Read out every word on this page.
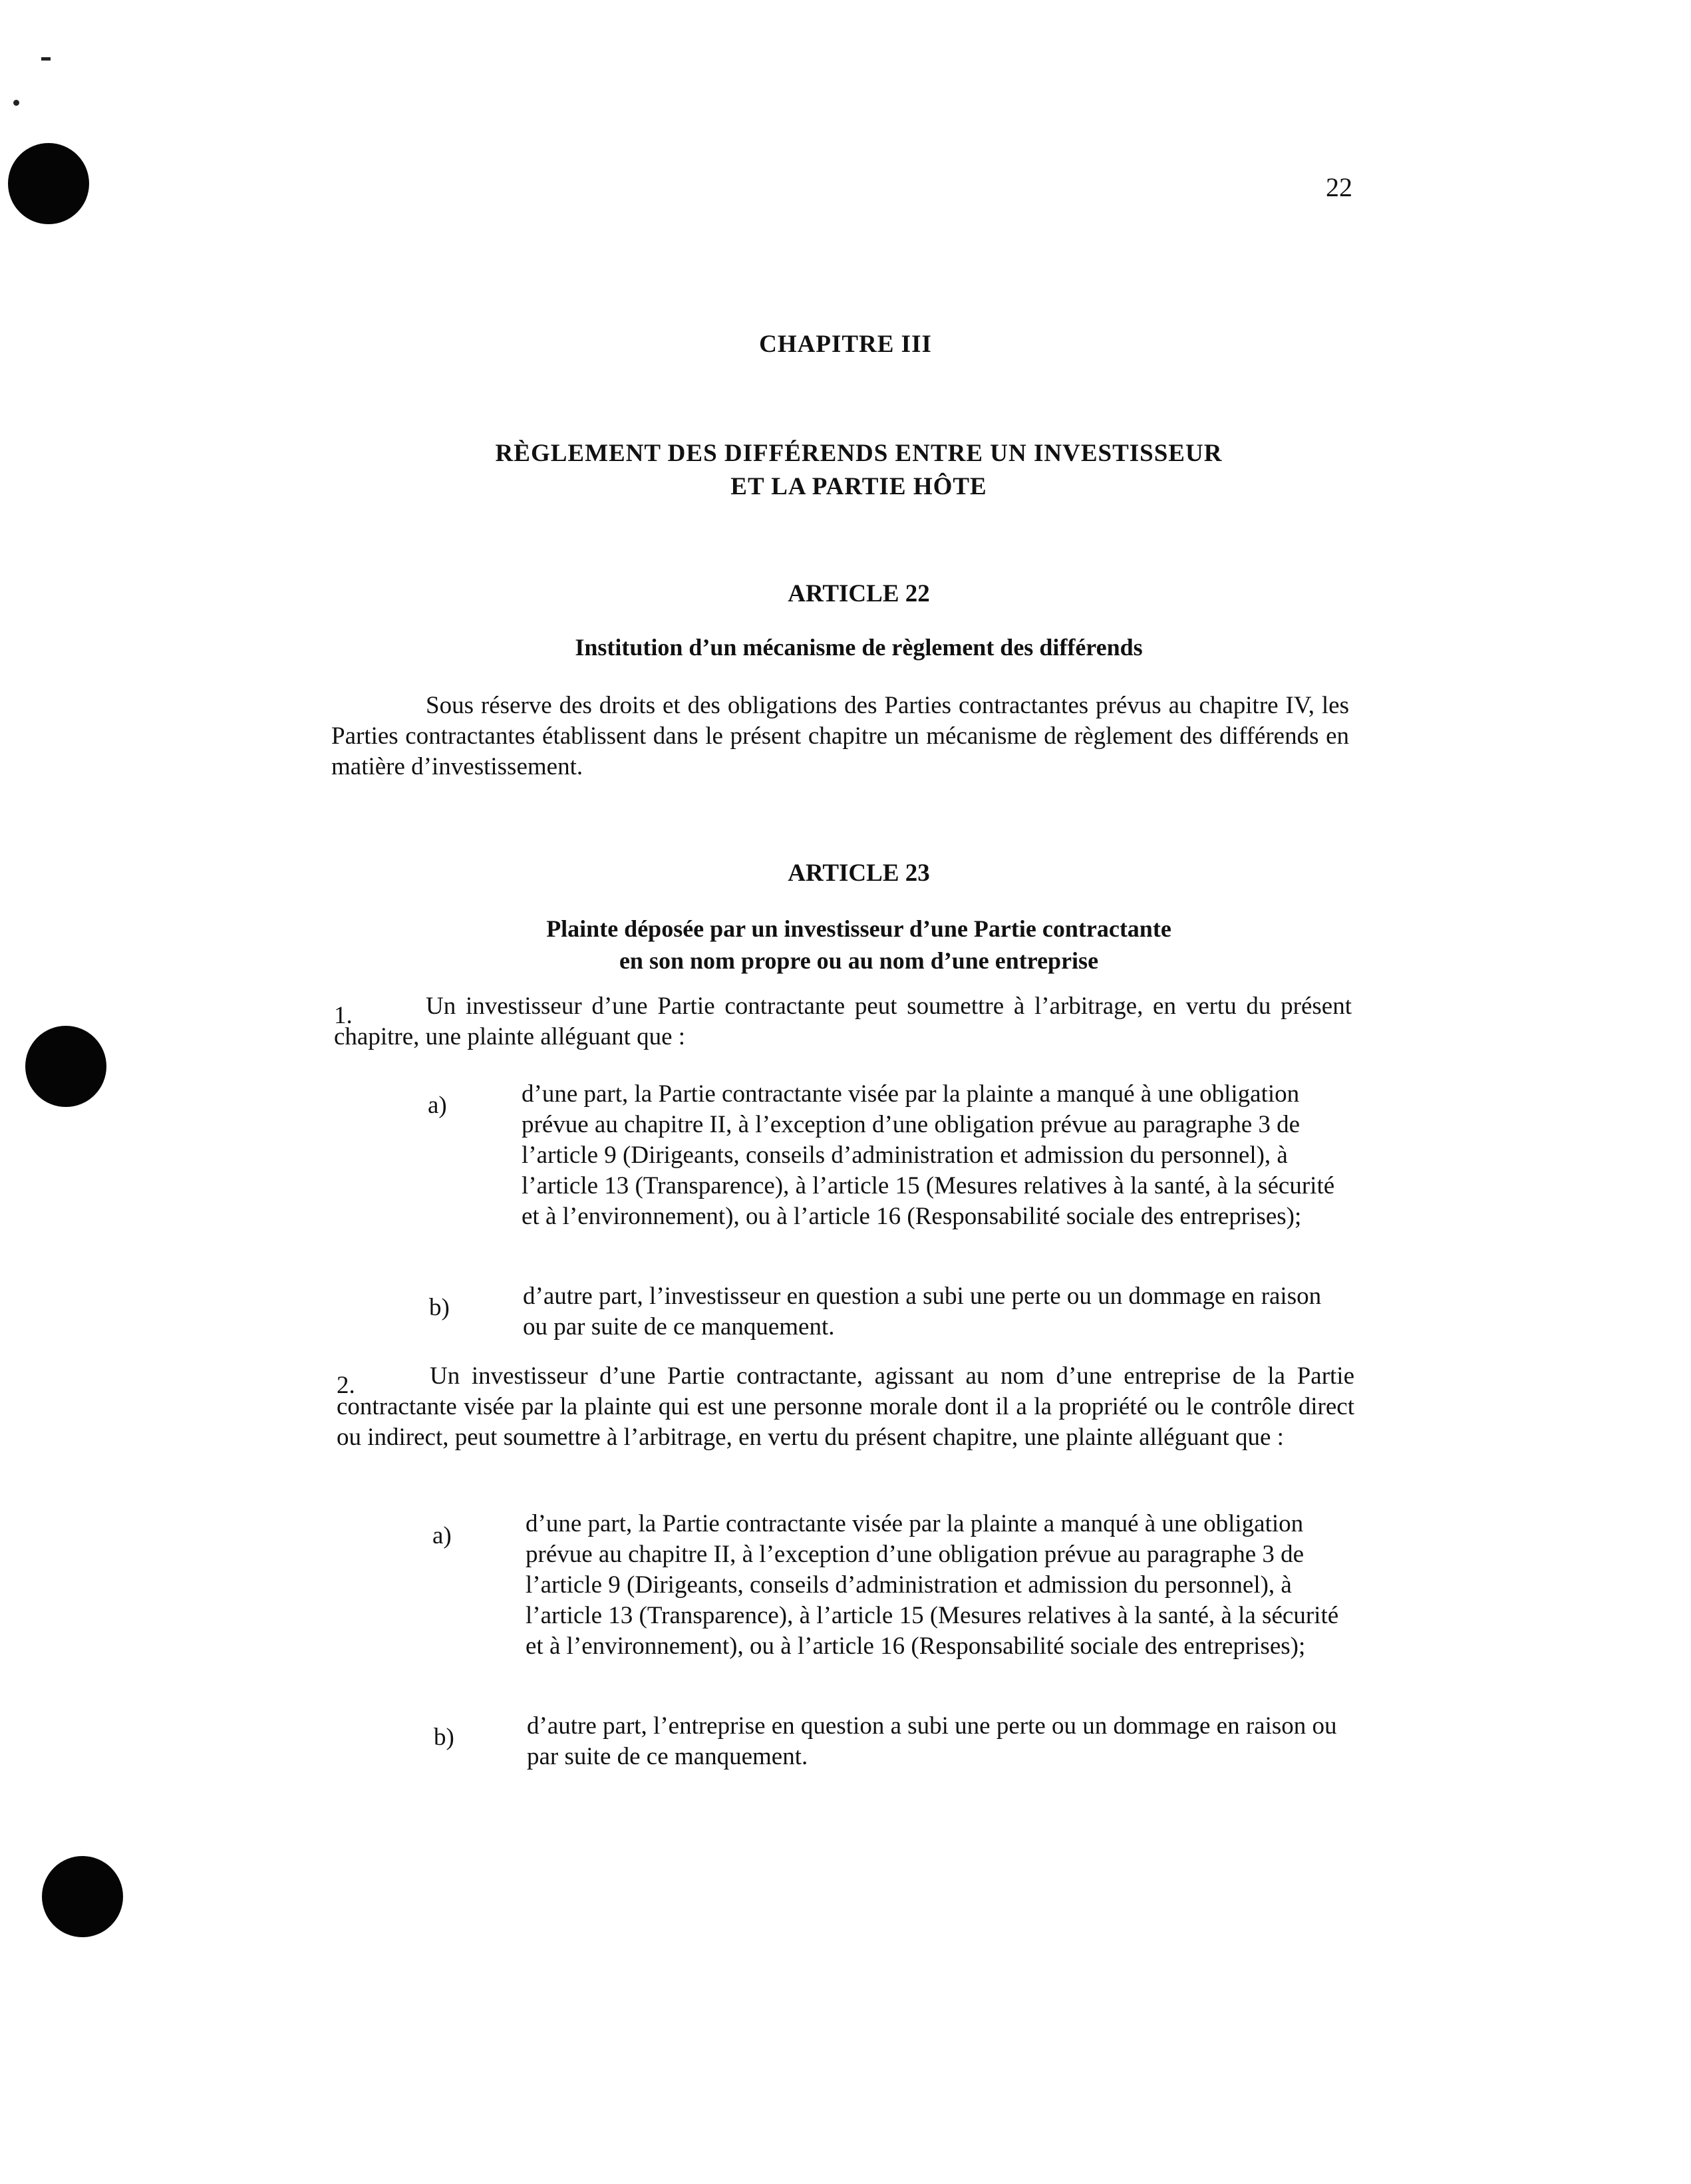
22
CHAPITRE III
RÈGLEMENT DES DIFFÉRENDS ENTRE UN INVESTISSEUR
ET LA PARTIE HÔTE
ARTICLE 22
Institution d’un mécanisme de règlement des différends
Sous réserve des droits et des obligations des Parties contractantes prévus au chapitre IV, les Parties contractantes établissent dans le présent chapitre un mécanisme de règlement des différends en matière d’investissement.
ARTICLE 23
Plainte déposée par un investisseur d’une Partie contractante
en son nom propre ou au nom d’une entreprise
1.	Un investisseur d’une Partie contractante peut soumettre à l’arbitrage, en vertu du présent chapitre, une plainte alléguant que :
a)	d’une part, la Partie contractante visée par la plainte a manqué à une obligation prévue au chapitre II, à l’exception d’une obligation prévue au paragraphe 3 de l’article 9 (Dirigeants, conseils d’administration et admission du personnel), à l’article 13 (Transparence), à l’article 15 (Mesures relatives à la santé, à la sécurité et à l’environnement), ou à l’article 16 (Responsabilité sociale des entreprises);
b)	d’autre part, l’investisseur en question a subi une perte ou un dommage en raison ou par suite de ce manquement.
2.	Un investisseur d’une Partie contractante, agissant au nom d’une entreprise de la Partie contractante visée par la plainte qui est une personne morale dont il a la propriété ou le contrôle direct ou indirect, peut soumettre à l’arbitrage, en vertu du présent chapitre, une plainte alléguant que :
a)	d’une part, la Partie contractante visée par la plainte a manqué à une obligation prévue au chapitre II, à l’exception d’une obligation prévue au paragraphe 3 de l’article 9 (Dirigeants, conseils d’administration et admission du personnel), à l’article 13 (Transparence), à l’article 15 (Mesures relatives à la santé, à la sécurité et à l’environnement), ou à l’article 16 (Responsabilité sociale des entreprises);
b)	d’autre part, l’entreprise en question a subi une perte ou un dommage en raison ou par suite de ce manquement.
